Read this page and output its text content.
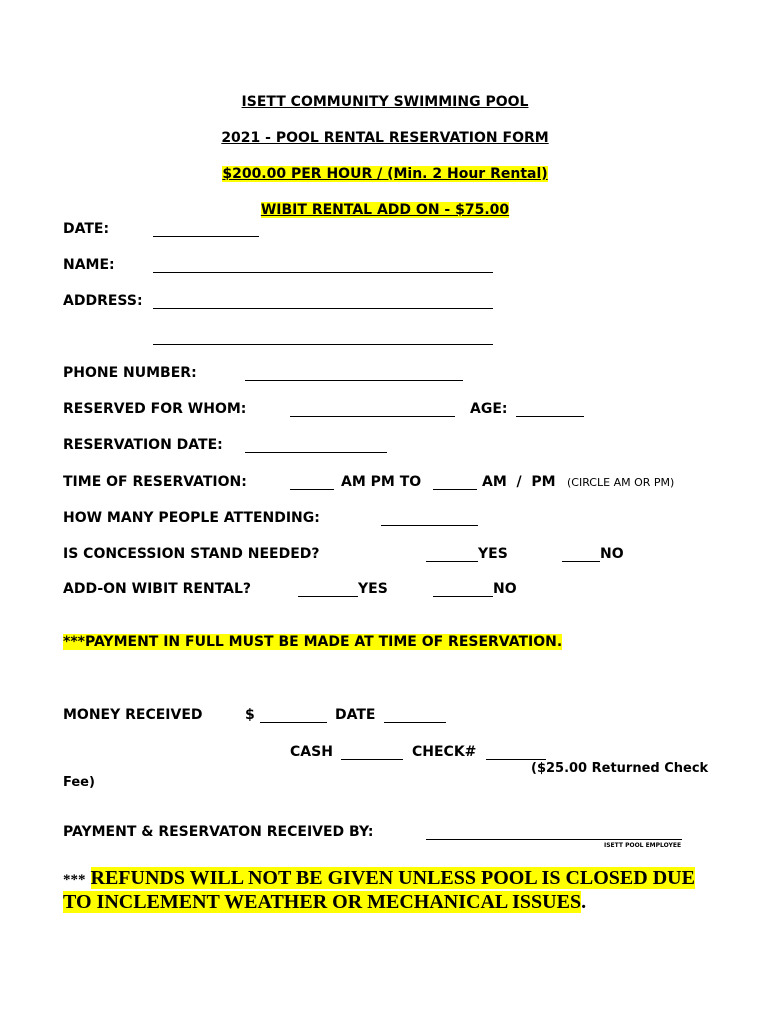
ISETT COMMUNITY SWIMMING POOL
2021 - POOL RENTAL RESERVATION FORM
$200.00 PER HOUR / (Min. 2 Hour Rental)
WIBIT RENTAL ADD ON - $75.00
DATE:
NAME:
ADDRESS:
PHONE NUMBER:
RESERVED FOR WHOM:	AGE:
RESERVATION DATE:
TIME OF RESERVATION:	AM PM TO	AM  /  PM (CIRCLE AM OR PM)
HOW MANY PEOPLE ATTENDING:
IS CONCESSION STAND NEEDED?	YES	NO
ADD-ON WIBIT RENTAL?	YES	NO
***PAYMENT IN FULL MUST BE MADE AT TIME OF RESERVATION.
MONEY RECEIVED	$	DATE
CASH	CHECK#
($25.00 Returned Check
Fee)
PAYMENT & RESERVATON RECEIVED BY:
ISETT POOL EMPLOYEE
*** REFUNDS WILL NOT BE GIVEN UNLESS POOL IS CLOSED DUE
TO INCLEMENT WEATHER OR MECHANICAL ISSUES.
